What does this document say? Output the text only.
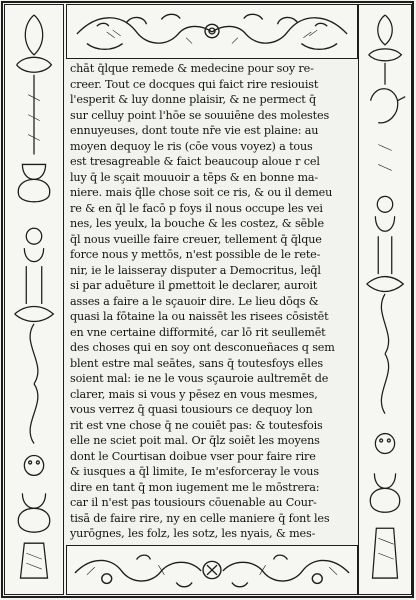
chāt q̄lque remede & medecine pour soy re-
creer. Tout ce docques qui faict rire resiouist
l'esperit & luy donne plaisir, & ne permect q̄
sur celluy point l'hōe se souuiēne des molestes
ennuyeuses, dont toute nr̄e vie est plaine: au
moyen dequoy le ris (cōe vous voyez) a tous
est tresagreable & faict beaucoup aloue r cel
luy q̄ le sçait mouuoir a tēps & en bonne ma-
niere. mais q̄lle chose soit ce ris, & ou il demeu
re & en q̄l le facō p foys il nous occupe les vei
nes, les yeulx, la bouche & les costez, & sēble
q̄l nous vueille faire creuer, tellement q̄ q̄lque
force nous y mettōs, n'est possible de le rete-
nir, ie le laisseray disputer a Democritus, leq̄l
si par aduēture il ꝑmettoit le declarer, auroit
asses a faire a le sçauoir dire. Le lieu dōqs &
quasi la fōtaine la ou naissēt les risees cōsistēt
en vne certaine difformité, car lō rit seullemēt
des choses qui en soy ont desconueñaces q sem
blent estre mal seātes, sans q̄ toutesfoys elles
soient mal: ie ne le vous sçauroie aultremēt de
clarer, mais si vous y pēsez en vous mesmes,
vous verrez q̄ quasi tousiours ce dequoy lon
rit est vne chose q̄ ne couiēt pas: & toutesfois
elle ne sciet poit mal. Or q̄lz soiēt les moyens
dont le Courtisan doibue vser pour faire rire
& iusques a q̄l limite, Ie m'esforceray le vous
dire en tant q̄ mon iugement me le mōstrera:
car il n'est pas tousiours cōuenable au Cour-
tisā de faire rire, ny en celle maniere q̄ font les
yurōgnes, les folz, les sotz, les nyais, & mes-
